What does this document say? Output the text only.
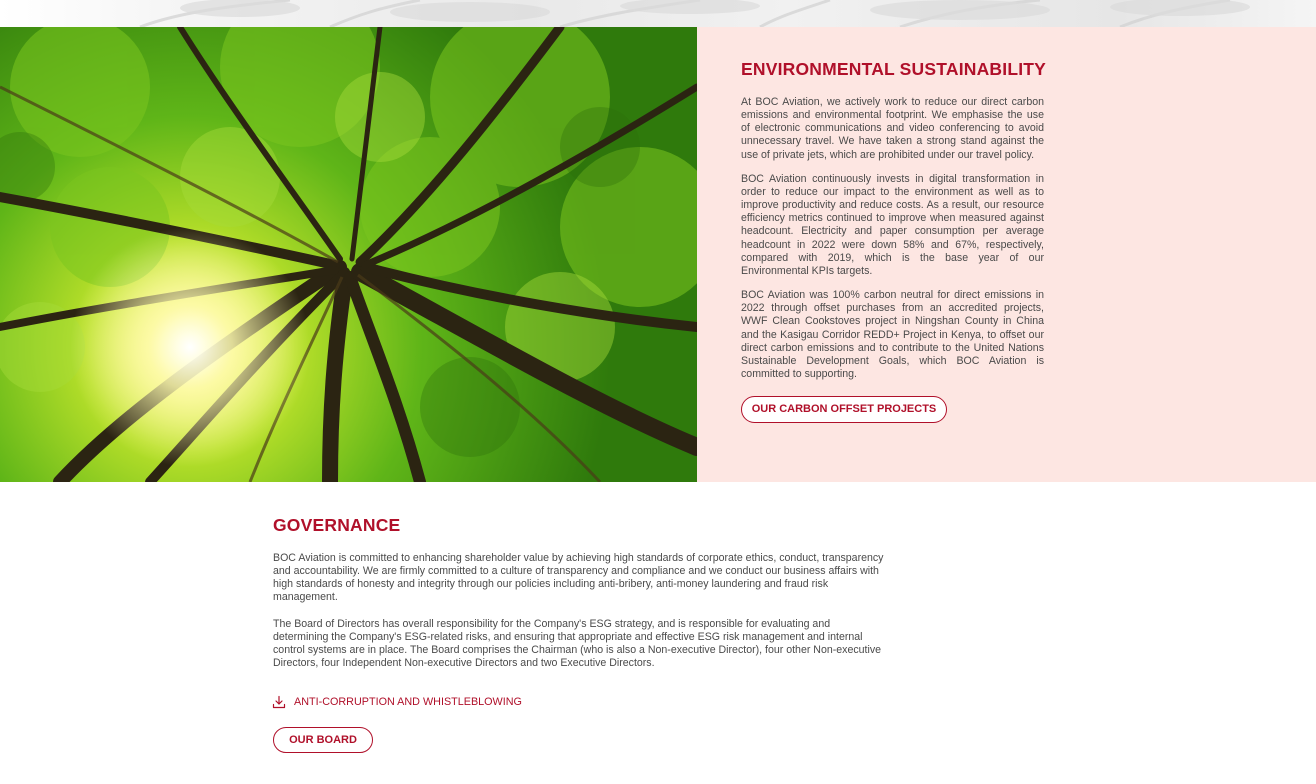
ENVIRONMENTAL SUSTAINABILITY

At BOC Aviation, we actively work to reduce our direct carbon emissions and environmental footprint. We emphasise the use of electronic communications and video conferencing to avoid unnecessary travel. We have taken a strong stand against the use of private jets, which are prohibited under our travel policy.

BOC Aviation continuously invests in digital transformation in order to reduce our impact to the environment as well as to improve productivity and reduce costs. As a result, our resource efficiency metrics continued to improve when measured against headcount. Electricity and paper consumption per average headcount in 2022 were down 58% and 67%, respectively, compared with 2019, which is the base year of our Environmental KPIs targets.

BOC Aviation was 100% carbon neutral for direct emissions in 2022 through offset purchases from an accredited projects, WWF Clean Cookstoves project in Ningshan County in China and the Kasigau Corridor REDD+ Project in Kenya, to offset our direct carbon emissions and to contribute to the United Nations Sustainable Development Goals, which BOC Aviation is committed to supporting.

OUR CARBON OFFSET PROJECTS
GOVERNANCE

BOC Aviation is committed to enhancing shareholder value by achieving high standards of corporate ethics, conduct, transparency and accountability. We are firmly committed to a culture of transparency and compliance and we conduct our business affairs with high standards of honesty and integrity through our policies including anti-bribery, anti-money laundering and fraud risk management.

The Board of Directors has overall responsibility for the Company's ESG strategy, and is responsible for evaluating and determining the Company's ESG-related risks, and ensuring that appropriate and effective ESG risk management and internal control systems are in place. The Board comprises the Chairman (who is also a Non-executive Director), four other Non-executive Directors, four Independent Non-executive Directors and two Executive Directors.

ANTI-CORRUPTION AND WHISTLEBLOWING
OUR BOARD
